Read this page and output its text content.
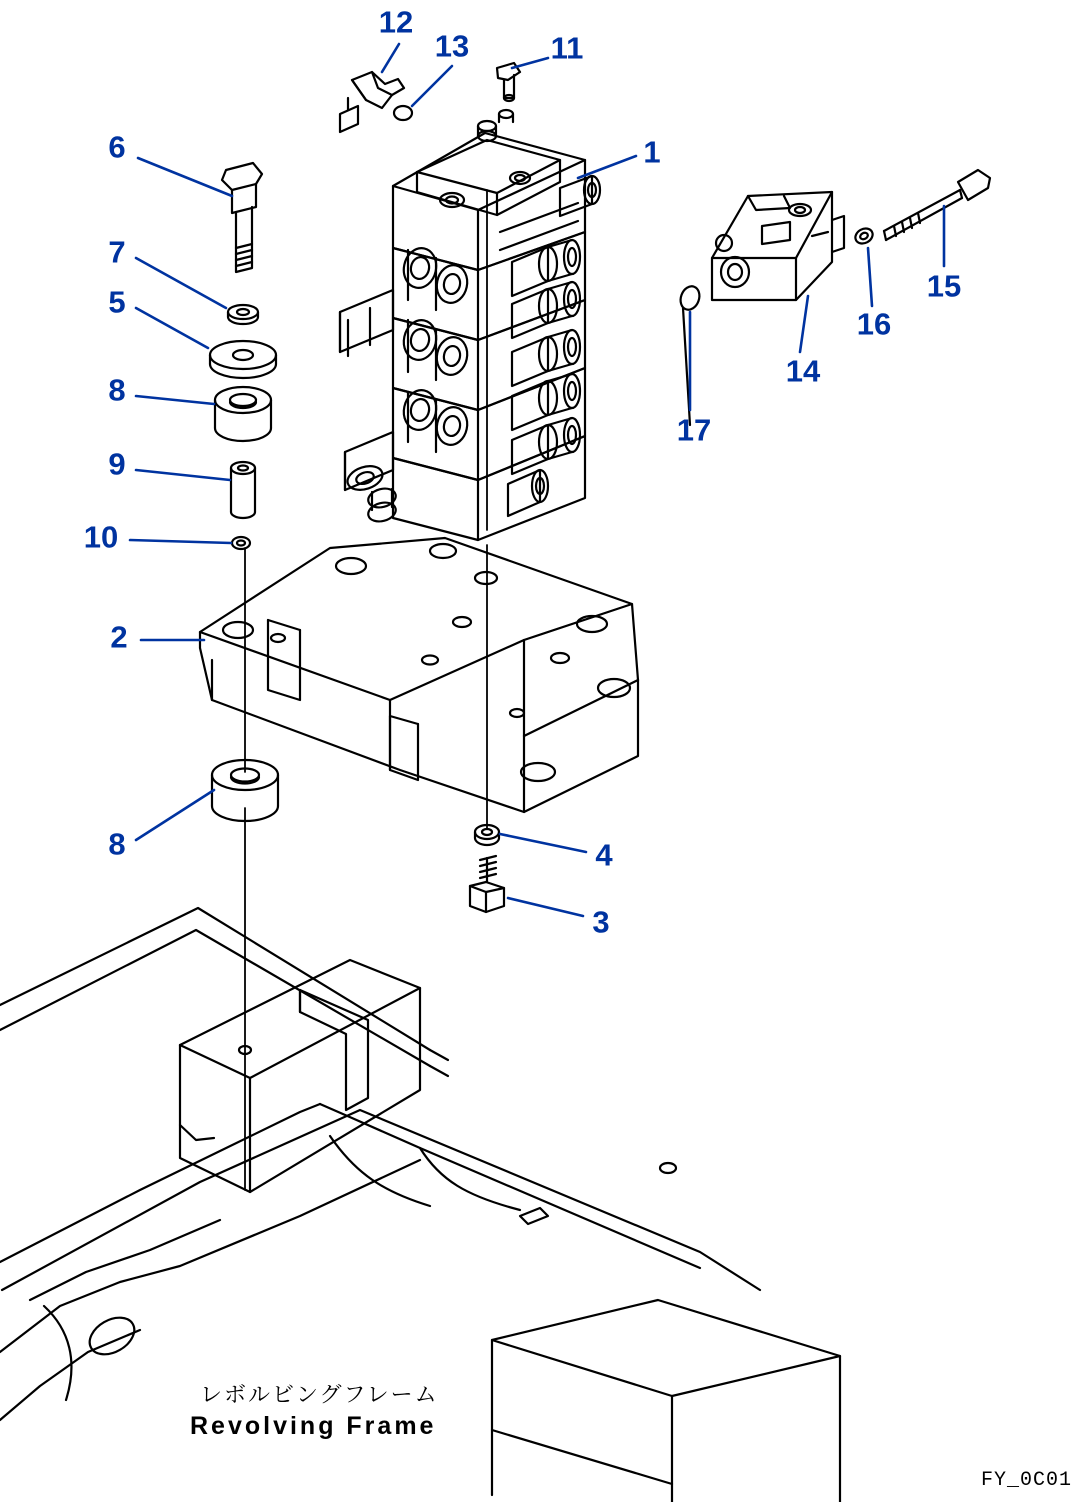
12
13	11
1
6
7
5
8
9
10
2
8	4
3
17
14
16
15
レボルビングフレーム
Revolving Frame
FY_0C01
